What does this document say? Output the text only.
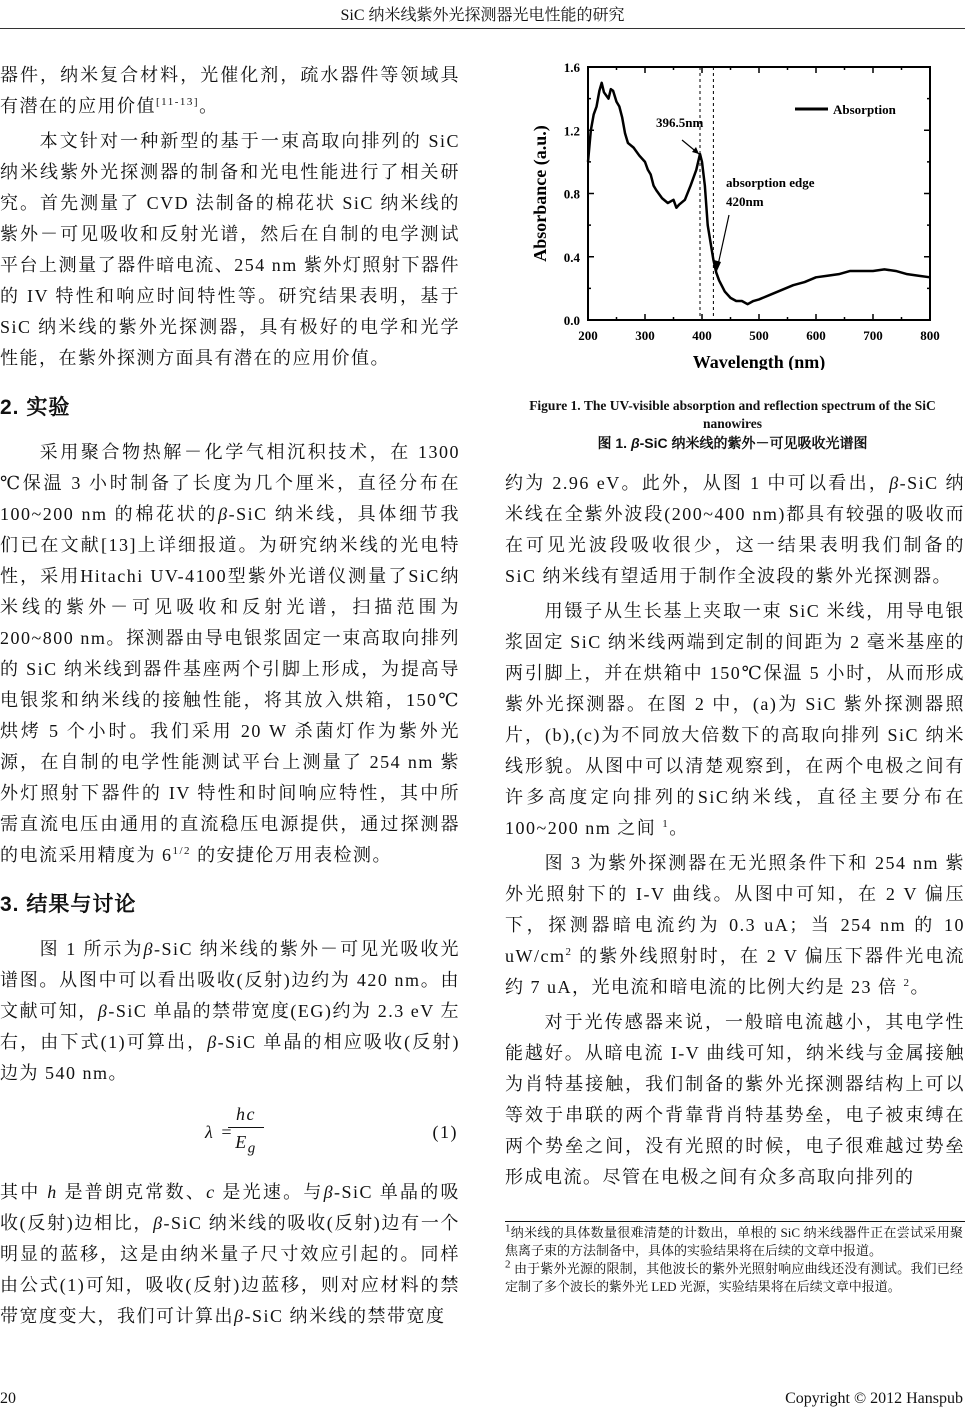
SiC 纳米线紫外光探测器光电性能的研究

器件，纳米复合材料，光催化剂，疏水器件等领域具有潜在的应用价值[11-13]。

本文针对一种新型的基于一束高取向排列的 SiC 纳米线紫外光探测器的制备和光电性能进行了相关研究。首先测量了 CVD 法制备的棉花状 SiC 纳米线的紫外－可见吸收和反射光谱，然后在自制的电学测试平台上测量了器件暗电流、254 nm 紫外灯照射下器件的 IV 特性和响应时间特性等。研究结果表明，基于 SiC 纳米线的紫外光探测器，具有极好的电学和光学性能，在紫外探测方面具有潜在的应用价值。

2. 实验

采用聚合物热解－化学气相沉积技术，在 1300 ℃保温 3 小时制备了长度为几个厘米，直径分布在 100~200 nm 的棉花状的β-SiC 纳米线，具体细节我们已在文献[13]上详细报道。为研究纳米线的光电特性，采用Hitachi UV-4100型紫外光谱仪测量了SiC纳米线的紫外－可见吸收和反射光谱，扫描范围为 200~800 nm。探测器由导电银浆固定一束高取向排列的 SiC 纳米线到器件基座两个引脚上形成，为提高导电银浆和纳米线的接触性能，将其放入烘箱，150℃烘烤 5 个小时。我们采用 20 W 杀菌灯作为紫外光源，在自制的电学性能测试平台上测量了 254 nm 紫外灯照射下器件的 IV 特性和时间响应特性，其中所需直流电压由通用的直流稳压电源提供，通过探测器的电流采用精度为 $6^{1/2}$ 的安捷伦万用表检测。

3. 结果与讨论

图 1 所示为β-SiC 纳米线的紫外－可见光吸收光谱图。从图中可以看出吸收(反射)边约为 420 nm。由文献可知，β-SiC 单晶的禁带宽度(EG)约为 2.3 eV 左右，由下式(1)可算出，β-SiC 单晶的相应吸收(反射)边为 540 nm。

λ =
$\frac{hc}{E_g}$	(1)

其中 h 是普朗克常数、c 是光速。与β-SiC 单晶的吸收(反射)边相比，β-SiC 纳米线的吸收(反射)边有一个明显的蓝移，这是由纳米量子尺寸效应引起的。同样由公式(1)可知，吸收(反射)边蓝移，则对应材料的禁带宽度变大，我们可计算出β-SiC 纳米线的禁带宽度

约为 2.96 eV。此外，从图 1 中可以看出，β-SiC 纳米线在全紫外波段(200~400 nm)都具有较强的吸收而在可见光波段吸收很少，这一结果表明我们制备的 SiC 纳米线有望适用于制作全波段的紫外光探测器。

用镊子从生长基上夹取一束 SiC 米线，用导电银浆固定 SiC 纳米线两端到定制的间距为 2 毫米基座的两引脚上，并在烘箱中 150℃保温 5 小时，从而形成紫外光探测器。在图 2 中，(a)为 SiC 紫外探测器照片，(b),(c)为不同放大倍数下的高取向排列 SiC 纳米线形貌。从图中可以清楚观察到，在两个电极之间有许多高度定向排列的SiC纳米线，直径主要分布在100~200 nm 之间 $^1$。

图 3 为紫外探测器在无光照条件下和 254 nm 紫外光照射下的 I-V 曲线。从图中可知，在 2 V 偏压下，探测器暗电流约为 0.3 uA；当 254 nm 的 10 $uW/cm^2$ 的紫外线照射时，在 2 V 偏压下器件光电流约 7 uA，光电流和暗电流的比例大约是 23 倍 $^2$。

对于光传感器来说，一般暗电流越小，其电学性能越好。从暗电流 I-V 曲线可知，纳米线与金属接触为肖特基接触，我们制备的紫外光探测器结构上可以等效于串联的两个背靠背肖特基势垒，电子被束缚在两个势垒之间，没有光照的时候，电子很难越过势垒形成电流。尽管在电极之间有众多高取向排列的

200	300	400	500	600	700	800
0.0
0.4
0.8
1.2
1.6
Wavelength (nm)
Absorbance (a.u.)
Absorption
396.5nm
absorption edge
420nm
Figure 1. The UV-visible absorption and reflection spectrum of the SiC nanowires
图 1. β-SiC 纳米线的紫外－可见吸收光谱图

$^1$纳米线的具体数量很难清楚的计数出，单根的 SiC 纳米线器件正在尝试采用聚焦离子束的方法制备中，具体的实验结果将在后续的文章中报道。

$^2$ 由于紫外光源的限制，其他波长的紫外光照射响应曲线还没有测试。我们已经定制了多个波长的紫外光 LED 光源，实验结果将在后续文章中报道。

20	Copyright © 2012 Hanspub
